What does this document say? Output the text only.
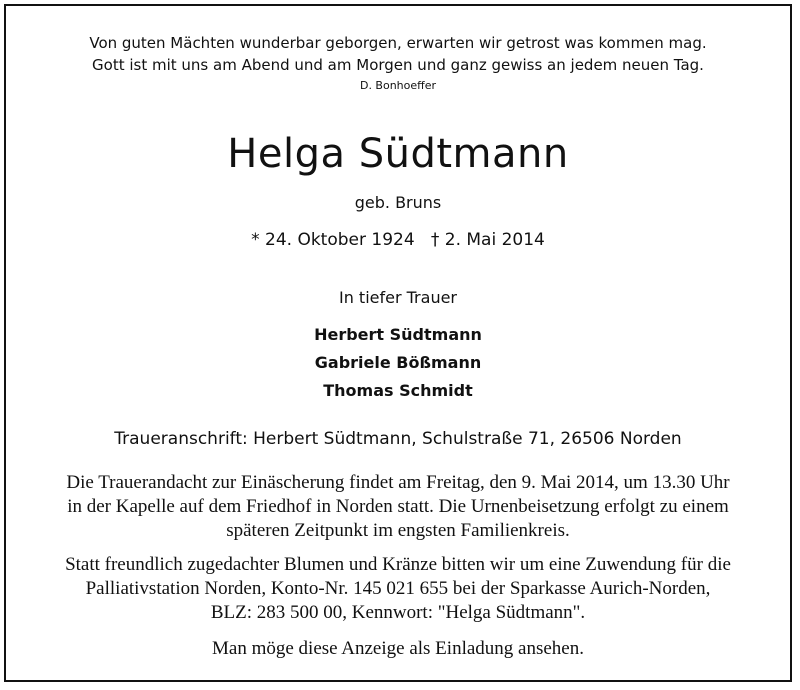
Von guten Mächten wunderbar geborgen, erwarten wir getrost was kommen mag.
Gott ist mit uns am Abend und am Morgen und ganz gewiss an jedem neuen Tag.
D. Bonhoeffer
Helga Südtmann
geb. Bruns
* 24. Oktober 1924   † 2. Mai 2014
In tiefer Trauer
Herbert Südtmann
Gabriele Bößmann
Thomas Schmidt
Traueranschrift: Herbert Südtmann, Schulstraße 71, 26506 Norden
Die Trauerandacht zur Einäscherung findet am Freitag, den 9. Mai 2014, um 13.30 Uhr
in der Kapelle auf dem Friedhof in Norden statt. Die Urnenbeisetzung erfolgt zu einem
späteren Zeitpunkt im engsten Familienkreis.
Statt freundlich zugedachter Blumen und Kränze bitten wir um eine Zuwendung für die
Palliativstation Norden, Konto-Nr. 145 021 655 bei der Sparkasse Aurich-Norden,
BLZ: 283 500 00, Kennwort: "Helga Südtmann".
Man möge diese Anzeige als Einladung ansehen.
